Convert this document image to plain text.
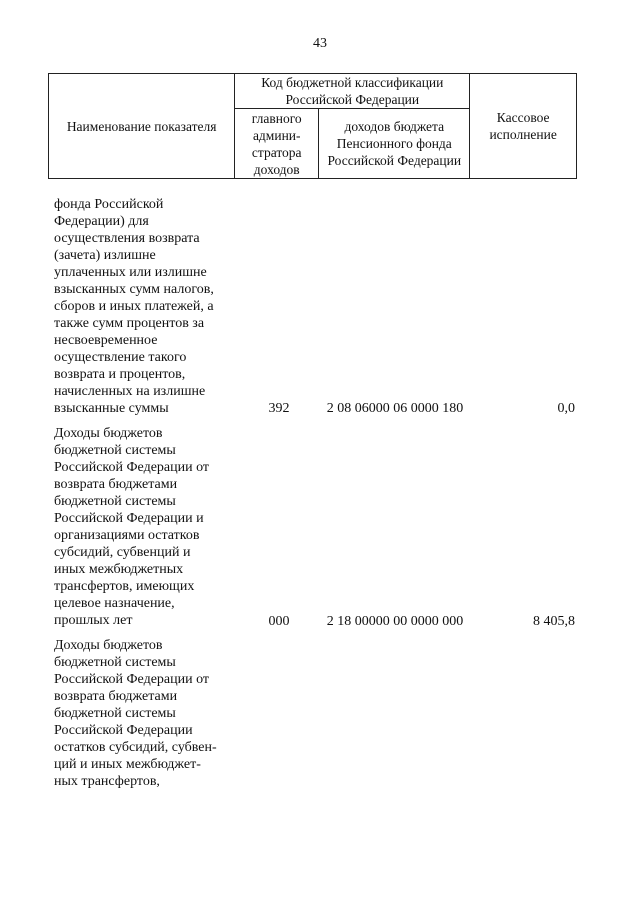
43
Наименование показателя	Код бюджетной классификации Российской Федерации		Кассовое исполнение
	главного админи-стратора доходов	доходов бюджета Пенсионного фонда Российской Федерации	
фонда Российской
Федерации) для
осуществления возврата
(зачета) излишне
уплаченных или излишне
взысканных сумм налогов,
сборов и иных платежей, а
также сумм процентов за
несвоевременное
осуществление такого
возврата и процентов,
начисленных на излишне
взысканные суммы	392	2 08 06000 06 0000 180	0,0
Доходы бюджетов
бюджетной системы
Российской Федерации от
возврата бюджетами
бюджетной системы
Российской Федерации и
организациями остатков
субсидий, субвенций и
иных межбюджетных
трансфертов, имеющих
целевое назначение,
прошлых лет	000	2 18 00000 00 0000 000	8 405,8
Доходы бюджетов
бюджетной системы
Российской Федерации от
возврата бюджетами
бюджетной системы
Российской Федерации
остатков субсидий, субвен-
ций и иных межбюджет-
ных трансфертов,
